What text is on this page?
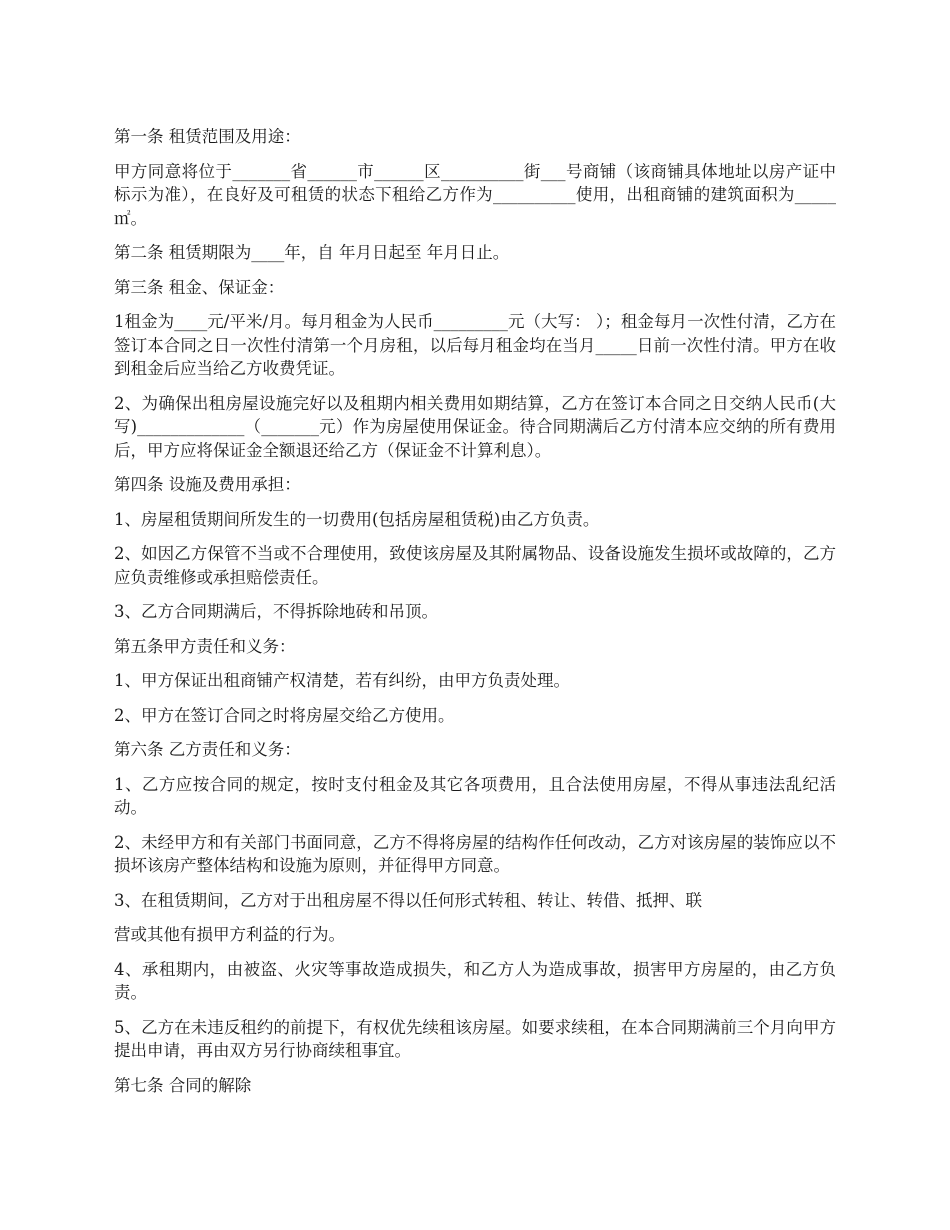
第一条 租赁范围及用途：

甲方同意将位于_______省______市______区__________街___号商铺（该商铺具体地址以房产证中标示为准），在良好及可租赁的状态下租给乙方作为__________使用，出租商铺的建筑面积为_____㎡。

第二条 租赁期限为____年，自 年月日起至 年月日止。

第三条 租金、保证金：

1租金为____元/平米/月。每月租金为人民币_________元（大写： ）；租金每月一次性付清，乙方在签订本合同之日一次性付清第一个月房租，以后每月租金均在当月_____日前一次性付清。甲方在收到租金后应当给乙方收费凭证。

2、为确保出租房屋设施完好以及租期内相关费用如期结算，乙方在签订本合同之日交纳人民币(大写)_____________（_______元）作为房屋使用保证金。待合同期满后乙方付清本应交纳的所有费用后，甲方应将保证金全额退还给乙方（保证金不计算利息）。

第四条 设施及费用承担：

1、房屋租赁期间所发生的一切费用(包括房屋租赁税)由乙方负责。

2、如因乙方保管不当或不合理使用，致使该房屋及其附属物品、设备设施发生损坏或故障的，乙方应负责维修或承担赔偿责任。

3、乙方合同期满后，不得拆除地砖和吊顶。

第五条甲方责任和义务：

1、甲方保证出租商铺产权清楚，若有纠纷，由甲方负责处理。

2、甲方在签订合同之时将房屋交给乙方使用。

第六条 乙方责任和义务：

1、乙方应按合同的规定，按时支付租金及其它各项费用，且合法使用房屋，不得从事违法乱纪活动。

2、未经甲方和有关部门书面同意，乙方不得将房屋的结构作任何改动，乙方对该房屋的装饰应以不损坏该房产整体结构和设施为原则，并征得甲方同意。

3、在租赁期间，乙方对于出租房屋不得以任何形式转租、转让、转借、抵押、联

营或其他有损甲方利益的行为。

4、承租期内，由被盗、火灾等事故造成损失，和乙方人为造成事故，损害甲方房屋的，由乙方负责。

5、乙方在未违反租约的前提下，有权优先续租该房屋。如要求续租，在本合同期满前三个月向甲方提出申请，再由双方另行协商续租事宜。

第七条 合同的解除
